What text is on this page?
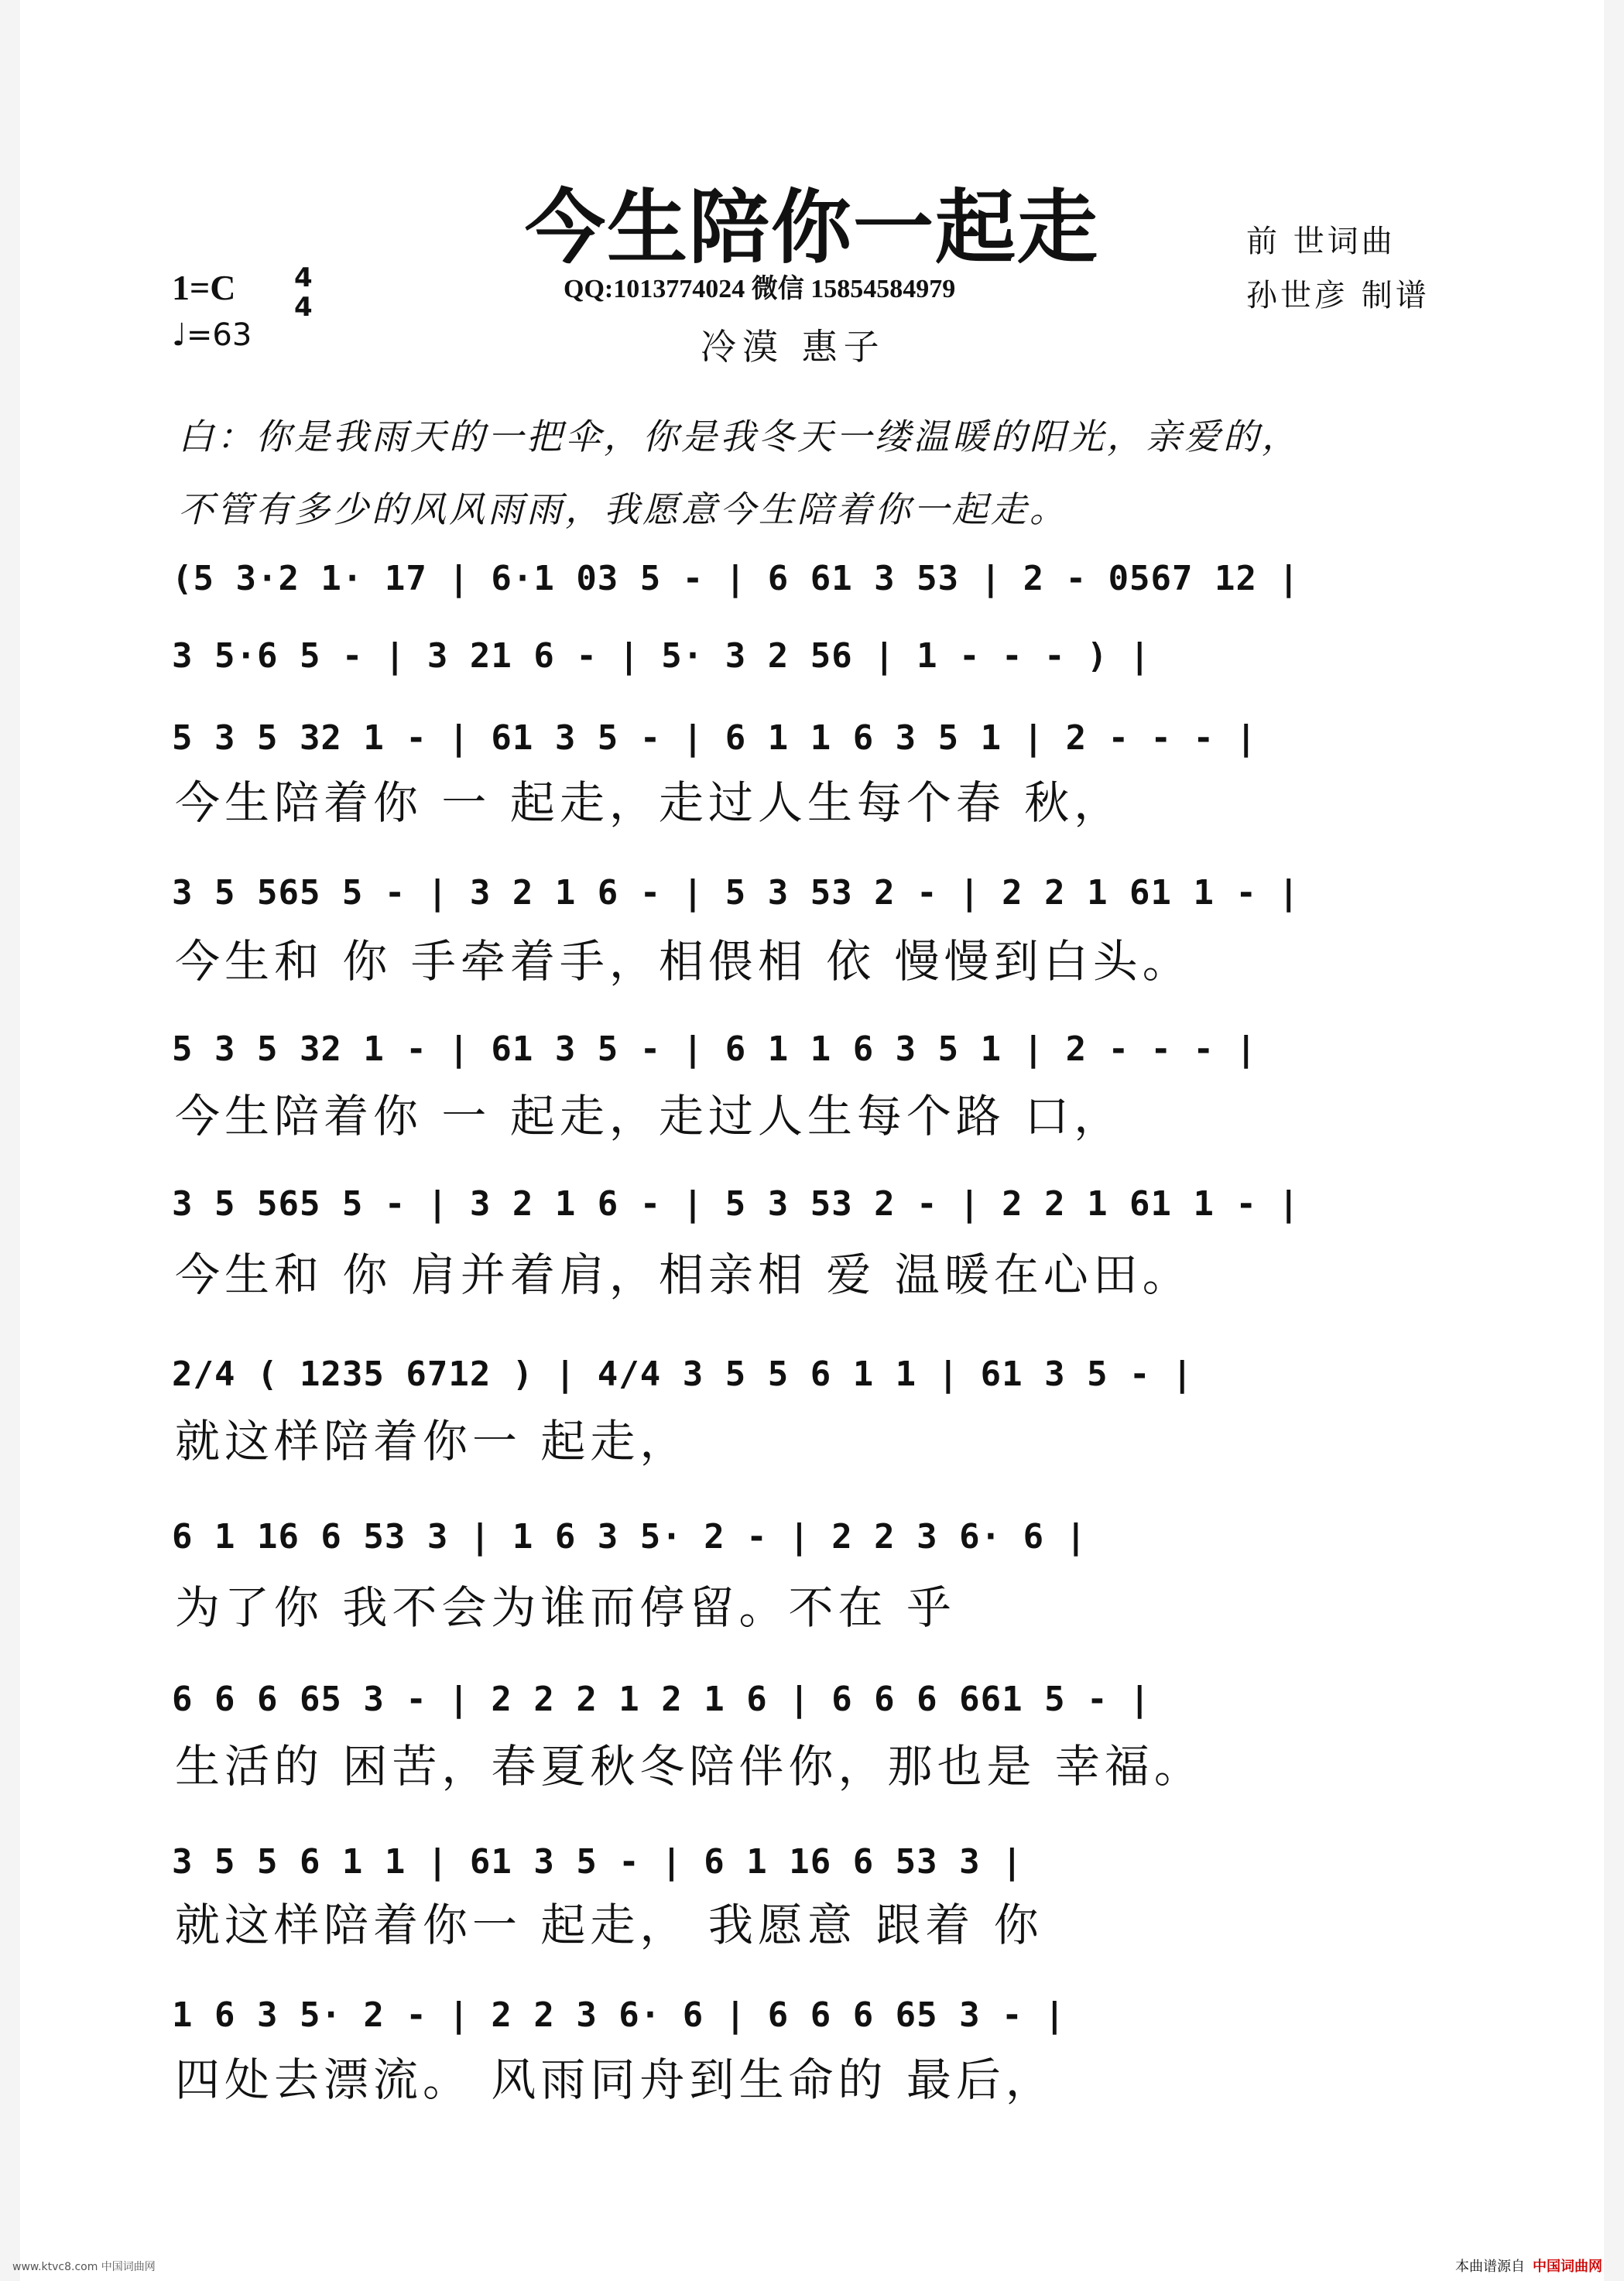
今生陪你一起走	前 世词曲
孙世彦 制谱
QQ:1013774024 微信 15854584979
1=C 4
4
♩=63	冷漠 惠子
白：你是我雨天的一把伞，你是我冬天一缕温暖的阳光，亲爱的，
不管有多少的风风雨雨，我愿意今生陪着你一起走。
(5 3·2 1· 17 | 6·1 03 5 - | 6 61 3 53 | 2 - 0567 12 |
3 5·6 5 - | 3 21 6 - | 5· 3 2 56 | 1 - - - ) |
5 3 5 32 1 - | 61 3 5 - | 6 1 1 6 3 5 1 | 2 - - - |
今生陪着你 一 起走，走过人生每个春 秋，
3 5 565 5 - | 3 2 1 6 - | 5 3 53 2 - | 2 2 1 61 1 - |
今生和 你 手牵着手，相偎相 依 慢慢到白头。
5 3 5 32 1 - | 61 3 5 - | 6 1 1 6 3 5 1 | 2 - - - |
今生陪着你 一 起走，走过人生每个路 口，
3 5 565 5 - | 3 2 1 6 - | 5 3 53 2 - | 2 2 1 61 1 - |
今生和 你 肩并着肩，相亲相 爱 温暖在心田。
2/4 ( 1235 6712 ) | 4/4 3 5 5 6 1 1 | 61 3 5 - |
就这样陪着你一 起走，
6 1 16 6 53 3 | 1 6 3 5· 2 - | 2 2 3 6· 6 |
为了你 我不会为谁而停留。不在 乎
6 6 6 65 3 - | 2 2 2 1 2 1 6 | 6 6 6 661 5 - |
生活的 困苦，春夏秋冬陪伴你，那也是 幸福。
3 5 5 6 1 1 | 61 3 5 - | 6 1 16 6 53 3 |
就这样陪着你一 起走， 我愿意 跟着 你
1 6 3 5· 2 - | 2 2 3 6· 6 | 6 6 6 65 3 - |
四处去漂流。 风雨同舟到生命的 最后，
www.ktvc8.com 中国词曲网	本曲谱源自 中国词曲网
